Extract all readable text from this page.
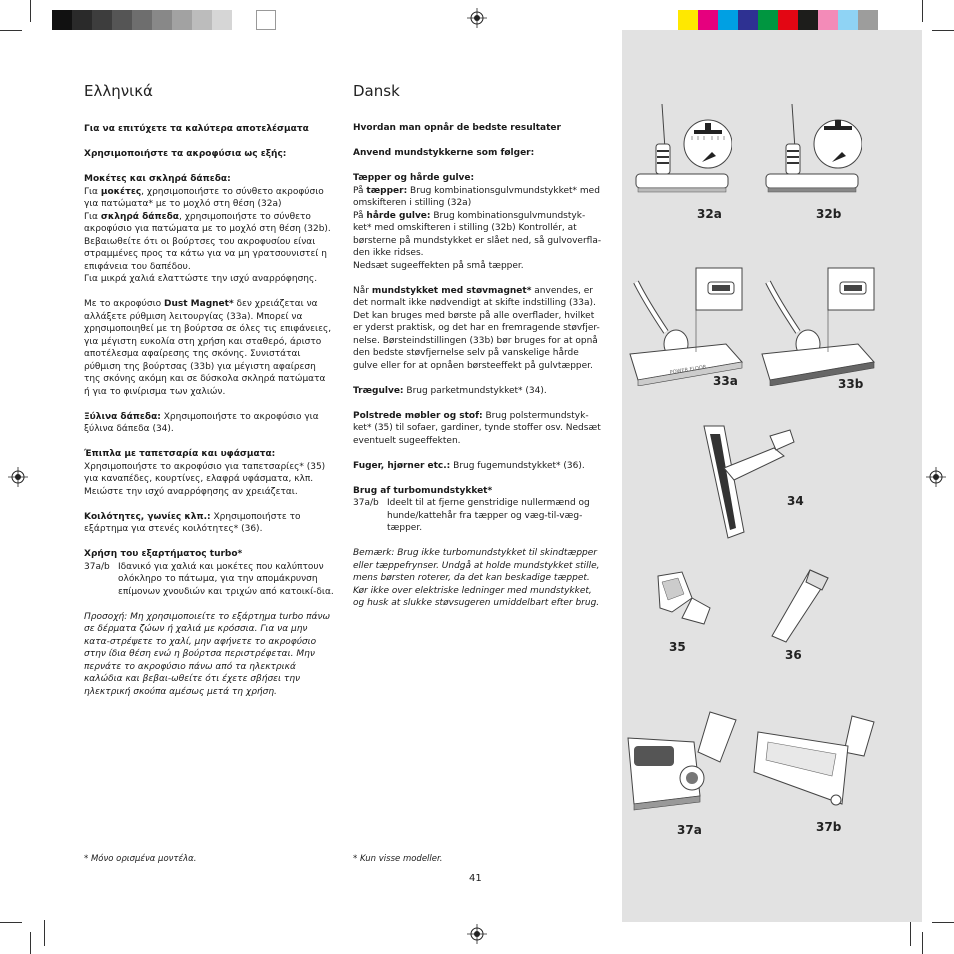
Ελληνικά

Για να επιτύχετε τα καλύτερα αποτελέσματα

Χρησιμοποιήστε τα ακροφύσια ως εξής:

Μοκέτες και σκληρά δάπεδα:

Για μοκέτες, χρησιμοποιήστε το σύνθετο ακροφύσιο για πατώματα* με το μοχλό στη θέση (32a)
Για σκληρά δάπεδα, χρησιμοποιήστε το σύνθετο ακροφύσιο για πατώματα με το μοχλό στη θέση (32b). Βεβαιωθείτε ότι οι βούρτσες του ακροφυσίου είναι στραμμένες προς τα κάτω για να μη γρατσουνιστεί η επιφάνεια του δαπέδου.
Για μικρά χαλιά ελαττώστε την ισχύ αναρρόφησης.

Με το ακροφύσιο Dust Magnet* δεν χρειάζεται να αλλάξετε ρύθμιση λειτουργίας (33a). Μπορεί να χρησιμοποιηθεί με τη βούρτσα σε όλες τις επιφάνειες, για μέγιστη ευκολία στη χρήση και σταθερό, άριστο αποτέλεσμα αφαίρεσης της σκόνης. Συνιστάται ρύθμιση της βούρτσας (33b) για μέγιστη αφαίρεση της σκόνης ακόμη και σε δύσκολα σκληρά πατώματα ή για το φινίρισμα των χαλιών.

Ξύλινα δάπεδα: Χρησιμοποιήστε το ακροφύσιο για ξύλινα δάπεδα (34).

Έπιπλα με ταπετσαρία και υφάσματα:

Χρησιμοποιήστε το ακροφύσιο για ταπετσαρίες* (35) για καναπέδες, κουρτίνες, ελαφρά υφάσματα, κλπ. Μειώστε την ισχύ αναρρόφησης αν χρειάζεται.

Κοιλότητες, γωνίες κλπ.: Χρησιμοποιήστε το εξάρτημα για στενές κοιλότητες* (36).

Χρήση του εξαρτήματος turbo*

37a/b Ιδανικό για χαλιά και μοκέτες που καλύπτουν ολόκληρο το πάτωμα, για την απομάκρυνση επίμονων χνουδιών και τριχών από κατοικί-δια.

Προσοχή: Μη χρησιμοποιείτε το εξάρτημα turbo πάνω σε δέρματα ζώων ή χαλιά με κρόσσια. Για να μην κατα-στρέψετε το χαλί, μην αφήνετε το ακροφύσιο στην ίδια θέση ενώ η βούρτσα περιστρέφεται. Μην περνάτε το ακροφύσιο πάνω από τα ηλεκτρικά καλώδια και βεβαι-ωθείτε ότι έχετε σβήσει την ηλεκτρική σκούπα αμέσως μετά τη χρήση.

* Μόνο ορισμένα μοντέλα.
Dansk

Hvordan man opnår de bedste resultater

Anvend mundstykkerne som følger:

Tæpper og hårde gulve:

På tæpper: Brug kombinationsgulvmundstykket* med omskifteren i stilling (32a)
På hårde gulve: Brug kombinationsgulvmundstyk-ket* med omskifteren i stilling (32b) Kontrollér, at børsterne på mundstykket er slået ned, så gulvoverfla-den ikke ridses.
Nedsæt sugeeffekten på små tæpper.

Når mundstykket med støvmagnet* anvendes, er det normalt ikke nødvendigt at skifte indstilling (33a). Det kan bruges med børste på alle overflader, hvilket er yderst praktisk, og det har en fremragende støvfjer-nelse. Børsteindstillingen (33b) bør bruges for at opnå den bedste støvfjernelse selv på vanskelige hårde gulve eller for at opnåen børsteeffekt på gulvtæpper.

Trægulve: Brug parketmundstykket* (34).

Polstrede møbler og stof: Brug polstermundstyk-ket* (35) til sofaer, gardiner, tynde stoffer osv. Nedsæt eventuelt sugeeffekten.

Fuger, hjørner etc.: Brug fugemundstykket* (36).

Brug af turbomundstykket*

37a/b Ideelt til at fjerne genstridige nullermænd og hunde/kattehår fra tæpper og væg-til-væg-tæpper.

Bemærk: Brug ikke turbomundstykket til skindtæpper eller tæppefrynser. Undgå at holde mundstykket stille, mens børsten roterer, da det kan beskadige tæppet. Kør ikke over elektriske ledninger med mundstykket, og husk at slukke støvsugeren umiddelbart efter brug.

* Kun visse modeller.
41
32a	32b
POWER FLOOR
33a	33b
34
35
36
37a	37b
